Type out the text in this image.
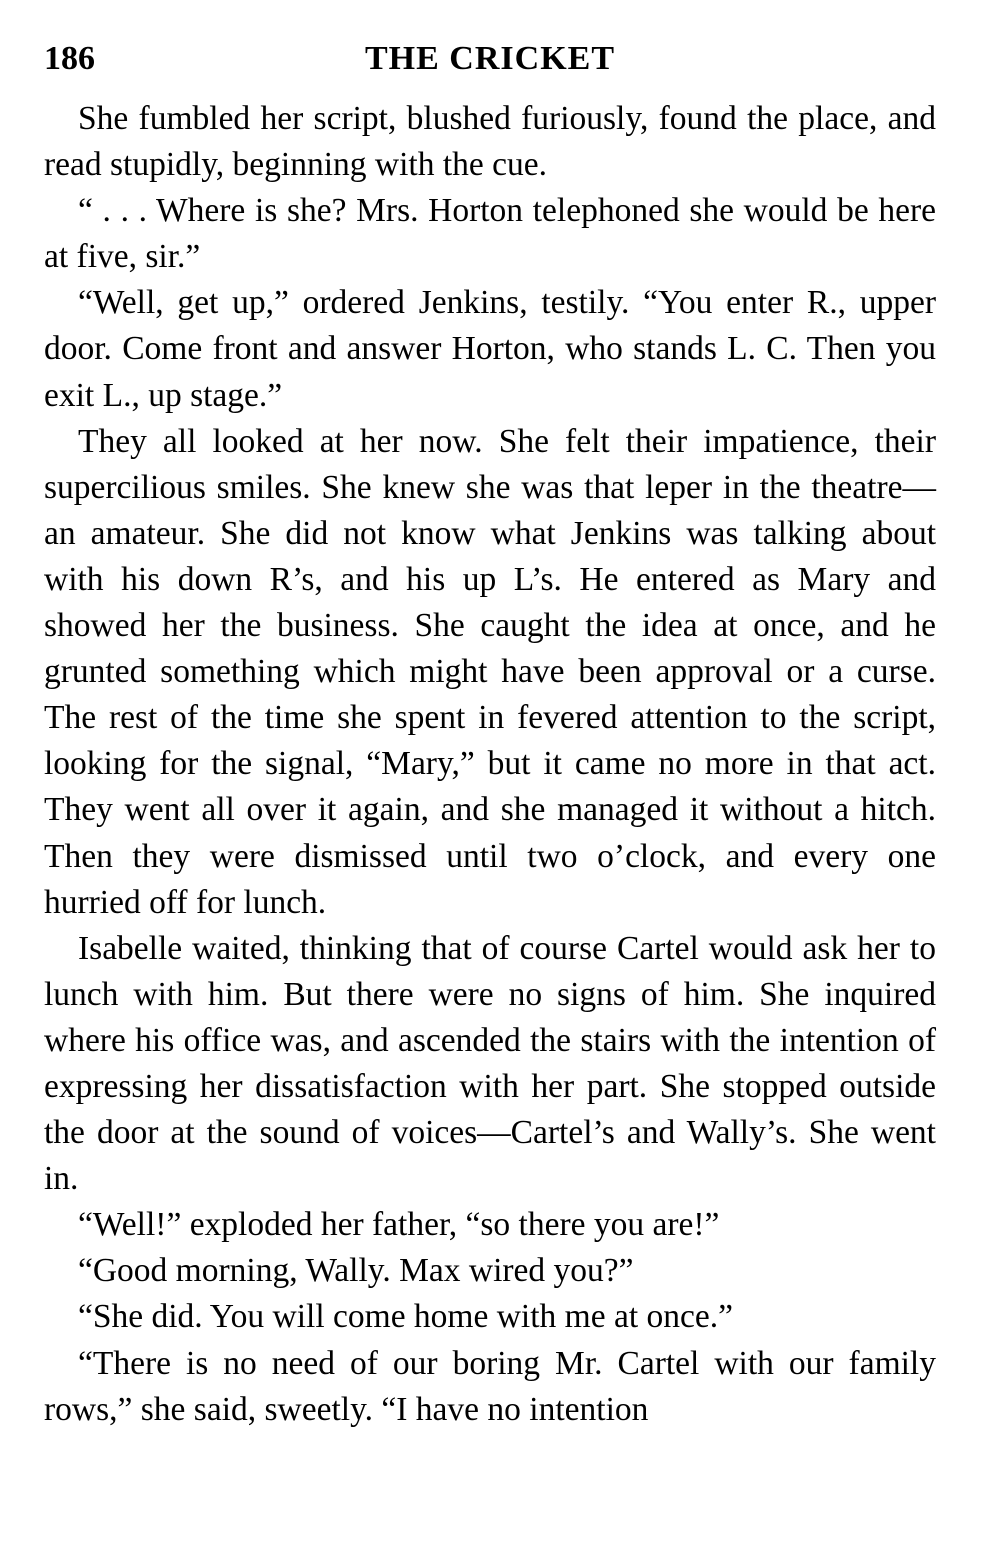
186	THE CRICKET

She fumbled her script, blushed furiously, found the place, and read stupidly, beginning with the cue.

“ . . . Where is she? Mrs. Horton telephoned she would be here at five, sir.”

“Well, get up,” ordered Jenkins, testily. “You enter R., upper door. Come front and answer Horton, who stands L. C. Then you exit L., up stage.”

They all looked at her now. She felt their impatience, their supercilious smiles. She knew she was that leper in the theatre—an amateur. She did not know what Jenkins was talking about with his down R’s, and his up L’s. He entered as Mary and showed her the business. She caught the idea at once, and he grunted something which might have been approval or a curse. The rest of the time she spent in fevered attention to the script, looking for the signal, “Mary,” but it came no more in that act. They went all over it again, and she managed it without a hitch. Then they were dismissed until two o’clock, and every one hurried off for lunch.

Isabelle waited, thinking that of course Cartel would ask her to lunch with him. But there were no signs of him. She inquired where his office was, and ascended the stairs with the intention of expressing her dissatisfaction with her part. She stopped outside the door at the sound of voices—Cartel’s and Wally’s. She went in.

“Well!” exploded her father, “so there you are!”

“Good morning, Wally. Max wired you?”

“She did. You will come home with me at once.”

“There is no need of our boring Mr. Cartel with our family rows,” she said, sweetly. “I have no intention
